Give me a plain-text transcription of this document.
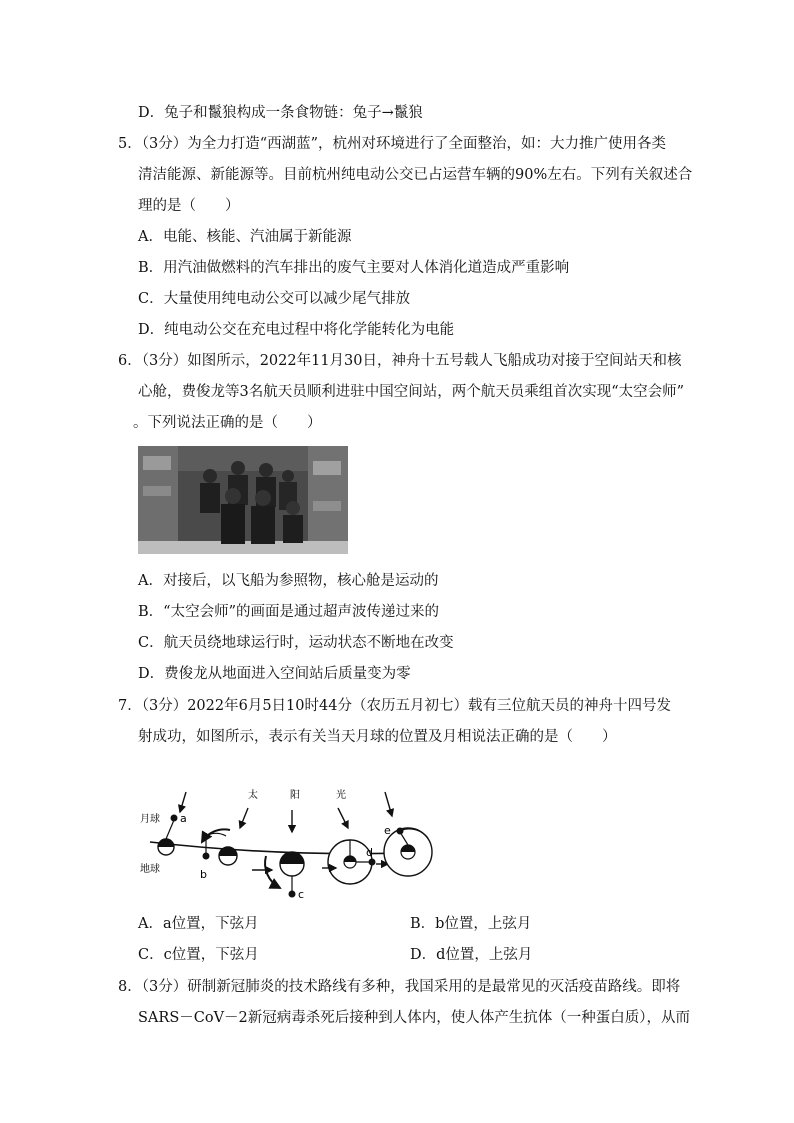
D．兔子和鬣狼构成一条食物链：兔子→鬣狼
5．（3分）为全力打造“西湖蓝”，杭州对环境进行了全面整治，如：大力推广使用各类
清洁能源、新能源等。目前杭州纯电动公交已占运营车辆的90%左右。下列有关叙述合
理的是（　　）
A．电能、核能、汽油属于新能源
B．用汽油做燃料的汽车排出的废气主要对人体消化道造成严重影响
C．大量使用纯电动公交可以减少尾气排放
D．纯电动公交在充电过程中将化学能转化为电能
6．（3分）如图所示，2022年11月30日，神舟十五号载人飞船成功对接于空间站天和核
心舱，费俊龙等3名航天员顺利进驻中国空间站，两个航天员乘组首次实现“太空会师”
。下列说法正确的是（　　）
A．对接后，以飞船为参照物，核心舱是运动的
B．“太空会师”的画面是通过超声波传递过来的
C．航天员绕地球运行时，运动状态不断地在改变
D．费俊龙从地面进入空间站后质量变为零
7．（3分）2022年6月5日10时44分（农历五月初七）载有三位航天员的神舟十四号发
射成功，如图所示，表示有关当天月球的位置及月相说法正确的是（　　）
月球
地球
太	阳	光
a
b
c
d
e
A．a位置，下弦月	B．b位置，上弦月
C．c位置，下弦月	D．d位置，上弦月
8．（3分）研制新冠肺炎的技术路线有多种，我国采用的是最常见的灭活疫苗路线。即将
SARS－CoV－2新冠病毒杀死后接种到人体内，使人体产生抗体（一种蛋白质），从而
